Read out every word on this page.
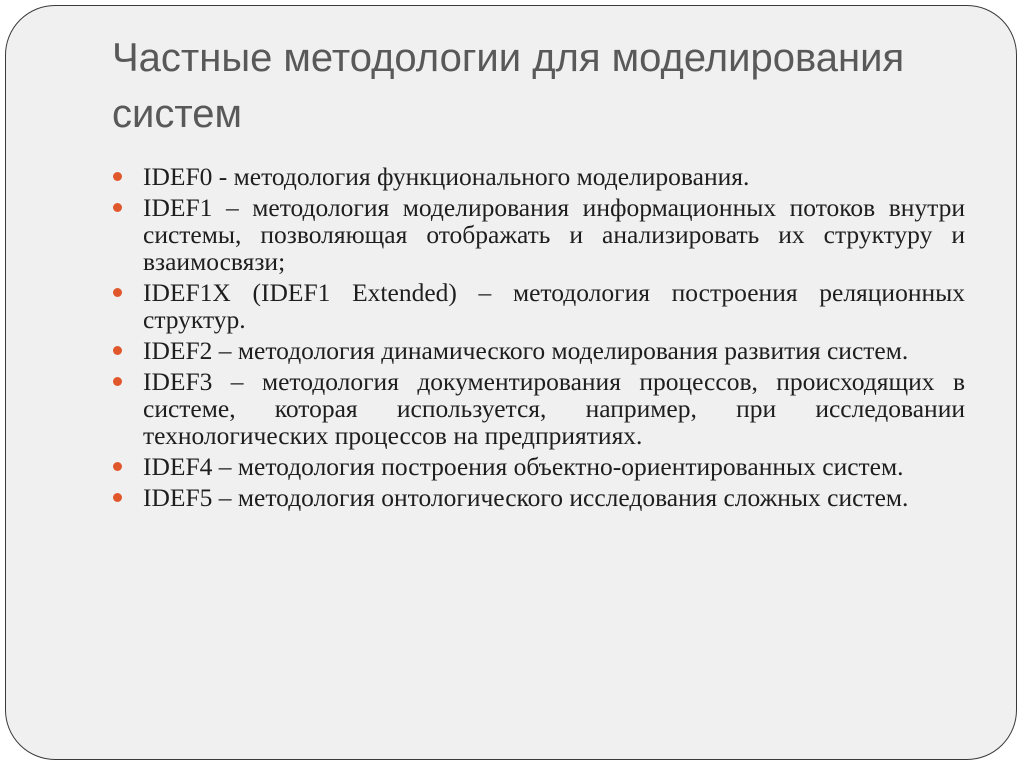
Частные методологии для моделирования систем
IDEF0 - методология функционального моделирования.
IDEF1 – методология моделирования информационных потоков внутри системы, позволяющая отображать и анализировать их структуру и взаимосвязи;
IDEF1X (IDEF1 Extended) – методология построения реляционных структур.
IDEF2 – методология динамического моделирования развития систем.
IDEF3 – методология документирования процессов, происходящих в системе, которая используется, например, при исследовании технологических процессов на предприятиях.
IDEF4 – методология построения объектно-ориентированных систем.
IDEF5 – методология онтологического исследования сложных систем.
